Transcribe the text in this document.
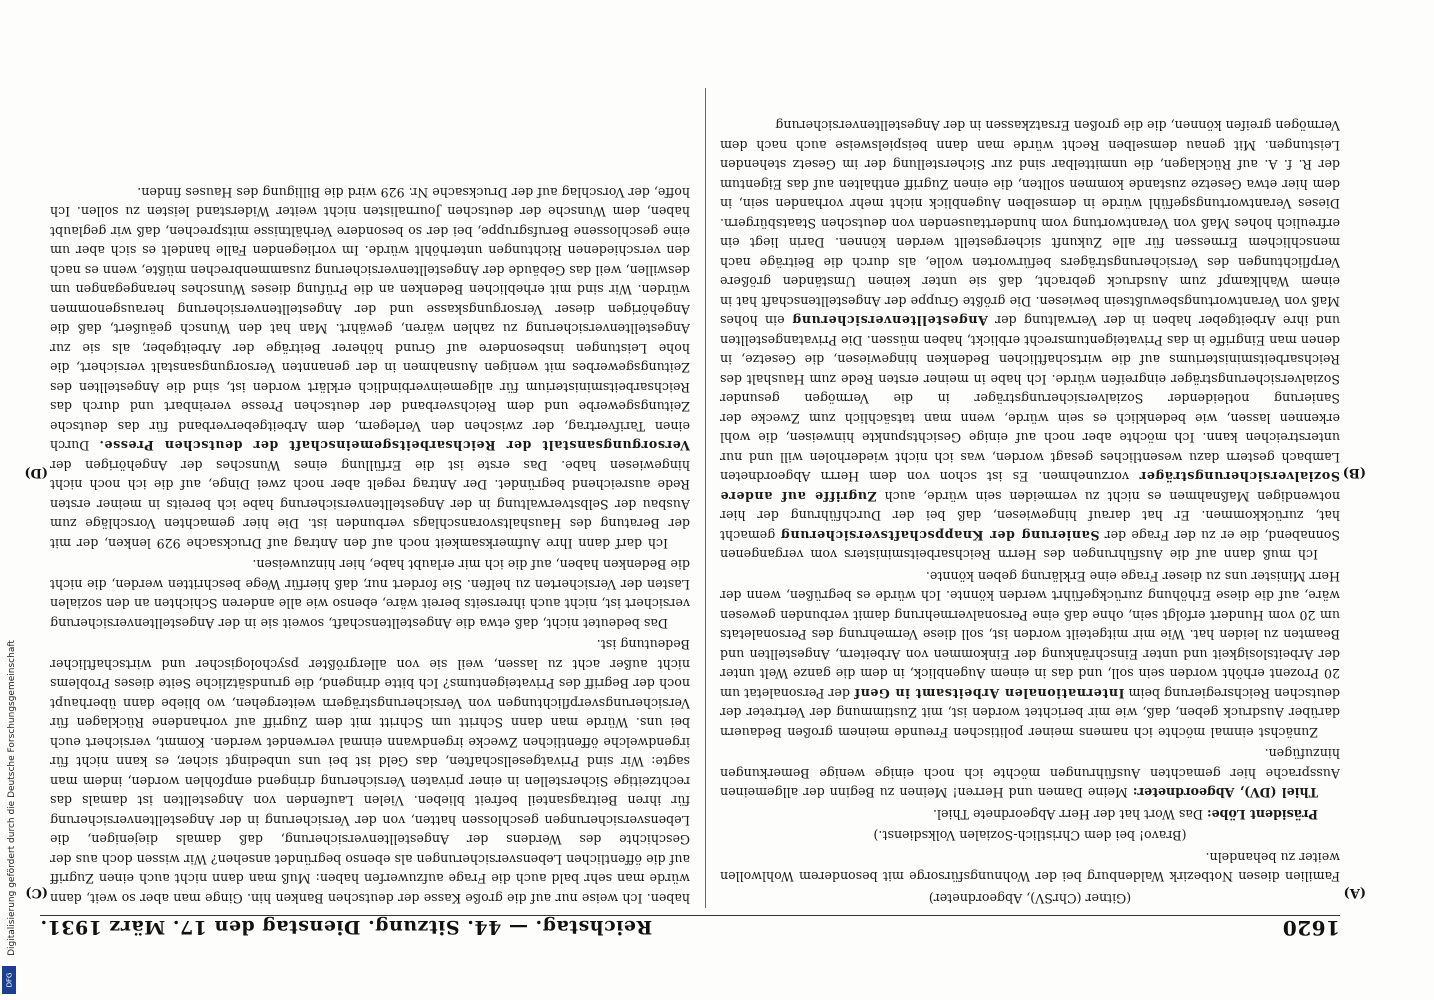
1620
Reichstag. — 44. Sitzung. Dienstag den 17. März 1931.

(Gitner (ChrSV), Abgeordneter)

Familien diesen Notbezirk Waldenburg bei der Wohnungsfürsorge mit besonderem Wohlwollen weiter zu behandeln.

(Bravo! bei dem Christlich-Sozialen Volksdienst.)

Präsident Löbe: Das Wort hat der Herr Abgeordnete Thiel.

Thiel (DV), Abgeordneter: Meine Damen und Herren! Meinen zu Beginn der allgemeinen Aussprache hier gemachten Ausführungen möchte ich noch einige wenige Bemerkungen hinzufügen.

Zunächst einmal möchte ich namens meiner politischen Freunde meinem großen Bedauern darüber Ausdruck geben, daß, wie mir berichtet worden ist, mit Zustimmung der Vertreter der deutschen Reichsregierung beim Internationalen Arbeitsamt in Genf der Personaletat um 20 Prozent erhöht worden sein soll, und das in einem Augenblick, in dem die ganze Welt unter der Arbeitslosigkeit und unter Einschränkung der Einkommen von Arbeitern, Angestellten und Beamten zu leiden hat. Wie mir mitgeteilt worden ist, soll diese Vermehrung des Personaletats um 20 vom Hundert erfolgt sein, ohne daß eine Personalvermehrung damit verbunden gewesen wäre, auf die diese Erhöhung zurückgeführt werden könnte. Ich würde es begrüßen, wenn der Herr Minister uns zu dieser Frage eine Erklärung geben könnte.

Ich muß dann auf die Ausführungen des Herrn Reichsarbeitsministers vom vergangenen Sonnabend, die er zu der Frage der Sanierung der Knappschaftsversicherung gemacht hat, zurückkommen. Er hat darauf hingewiesen, daß bei der Durchführung der hier notwendigen Maßnahmen es nicht zu vermeiden sein würde, auch Zugriffe auf andere Sozialversicherungsträger vorzunehmen. Es ist schon von dem Herrn Abgeordneten Lambach gestern dazu wesentliches gesagt worden, was ich nicht wiederholen will und nur unterstreichen kann. Ich möchte aber noch auf einige Gesichtspunkte hinweisen, die wohl erkennen lassen, wie bedenklich es sein würde, wenn man tatsächlich zum Zwecke der Sanierung notleidender Sozialversicherungsträger in die Vermögen gesunder Sozialversicherungsträger eingreifen würde. Ich habe in meiner ersten Rede zum Haushalt des Reichsarbeitsministeriums auf die wirtschaftlichen Bedenken hingewiesen, die Gesetze, in denen man Eingriffe in das Privateigentumsrecht erblickt, haben müssen. Die Privatangestellten und ihre Arbeitgeber haben in der Verwaltung der Angestelltenversicherung ein hohes Maß von Verantwortungsbewußtsein bewiesen. Die größte Gruppe der Angestelltenschaft hat in einem Wahlkampf zum Ausdruck gebracht, daß sie unter keinen Umständen größere Verpflichtungen des Versicherungsträgers befürworten wolle, als durch die Beiträge nach menschlichem Ermessen für alle Zukunft sichergestellt werden können. Darin liegt ein erfreulich hohes Maß von Verantwortung vom hunderttausenden von deutschen Staatsbürgern. Dieses Verantwortungsgefühl würde in demselben Augenblick nicht mehr vorhanden sein, in dem hier etwa Gesetze zustande kommen sollten, die einen Zugriff enthalten auf das Eigentum der R. f. A. auf Rücklagen, die unmittelbar sind zur Sicherstellung der im Gesetz stehenden Leistungen. Mit genau demselben Recht würde man dann beispielsweise auch nach dem Vermögen greifen können, die die großen Ersatzkassen in der Angestelltenversicherung

haben. Ich weise nur auf die große Kasse der deutschen Banken hin. Ginge man aber so weit, dann würde man sehr bald auch die Frage aufzuwerfen haben: Muß man dann nicht auch einen Zugriff auf die öffentlichen Lebensversicherungen als ebenso begründet ansehen? Wir wissen doch aus der Geschichte des Werdens der Angestelltenversicherung, daß damals diejenigen, die Lebensversicherungen geschlossen hatten, von der Versicherung in der Angestelltenversicherung für ihren Beitragsanteil befreit blieben. Vielen Laufenden von Angestellten ist damals das rechtzeitige Sicherstellen in einer privaten Versicherung dringend empfohlen worden, indem man sagte: Wir sind Privatgesellschaften, das Geld ist bei uns unbedingt sicher, es kann nicht für irgendwelche öffentlichen Zwecke irgendwann einmal verwendet werden. Kommt, versichert euch bei uns. Würde man dann Schritt um Schritt mit dem Zugriff auf vorhandene Rücklagen für Versicherungsverpflichtungen von Versicherungsträgern weitergehen, wo bliebe dann überhaupt noch der Begriff des Privateigentums? Ich bitte dringend, die grundsätzliche Seite dieses Problems nicht außer acht zu lassen, weil sie von allergrößter psychologischer und wirtschaftlicher Bedeutung ist.

Das bedeutet nicht, daß etwa die Angestelltenschaft, soweit sie in der Angestelltenversicherung versichert ist, nicht auch ihrerseits bereit wäre, ebenso wie alle anderen Schichten an den sozialen Lasten der Versicherten zu helfen. Sie fordert nur, daß hierfür Wege beschritten werden, die nicht die Bedenken haben, auf die ich mir erlaubt habe, hier hinzuweisen.

Ich darf dann Ihre Aufmerksamkeit noch auf den Antrag auf Drucksache 929 lenken, der mit der Beratung des Haushaltsvoranschlags verbunden ist. Die hier gemachten Vorschläge zum Ausbau der Selbstverwaltung in der Angestelltenversicherung habe ich bereits in meiner ersten Rede ausreichend begründet. Der Antrag regelt aber noch zwei Dinge, auf die ich noch nicht hingewiesen habe. Das erste ist die Erfüllung eines Wunsches der Angehörigen der Versorgungsanstalt der Reichsarbeitsgemeinschaft der deutschen Presse. Durch einen Tarifvertrag, der zwischen den Verlegern, dem Arbeitgeberverband für das deutsche Zeitungsgewerbe und dem Reichsverband der deutschen Presse vereinbart und durch das Reichsarbeitsministerium für allgemeinverbindlich erklärt worden ist, sind die Angestellten des Zeitungsgewerbes mit wenigen Ausnahmen in der genannten Versorgungsanstalt versichert, die hohe Leistungen insbesondere auf Grund höherer Beiträge der Arbeitgeber, als sie zur Angestelltenversicherung zu zahlen wären, gewährt. Man hat den Wunsch geäußert, daß die Angehörigen dieser Versorgungskasse und der Angestelltenversicherung herausgenommen würden. Wir sind mit erheblichen Bedenken an die Prüfung dieses Wunsches herangegangen um deswillen, weil das Gebäude der Angestelltenversicherung zusammenbrechen müßte, wenn es nach den verschiedenen Richtungen unterhöhlt würde. Im vorliegenden Falle handelt es sich aber um eine geschlossene Berufsgruppe, bei der so besondere Verhältnisse mitsprechen, daß wir geglaubt haben, dem Wunsche der deutschen Journalisten nicht weiter Widerstand leisten zu sollen. Ich hoffe, der Vorschlag auf der Drucksache Nr. 929 wird die Billigung des Hauses finden.

(A)
(B)
(C)
(D)
Digitalisierung gefördert durch die Deutsche Forschungsgemeinschaft
DFG
